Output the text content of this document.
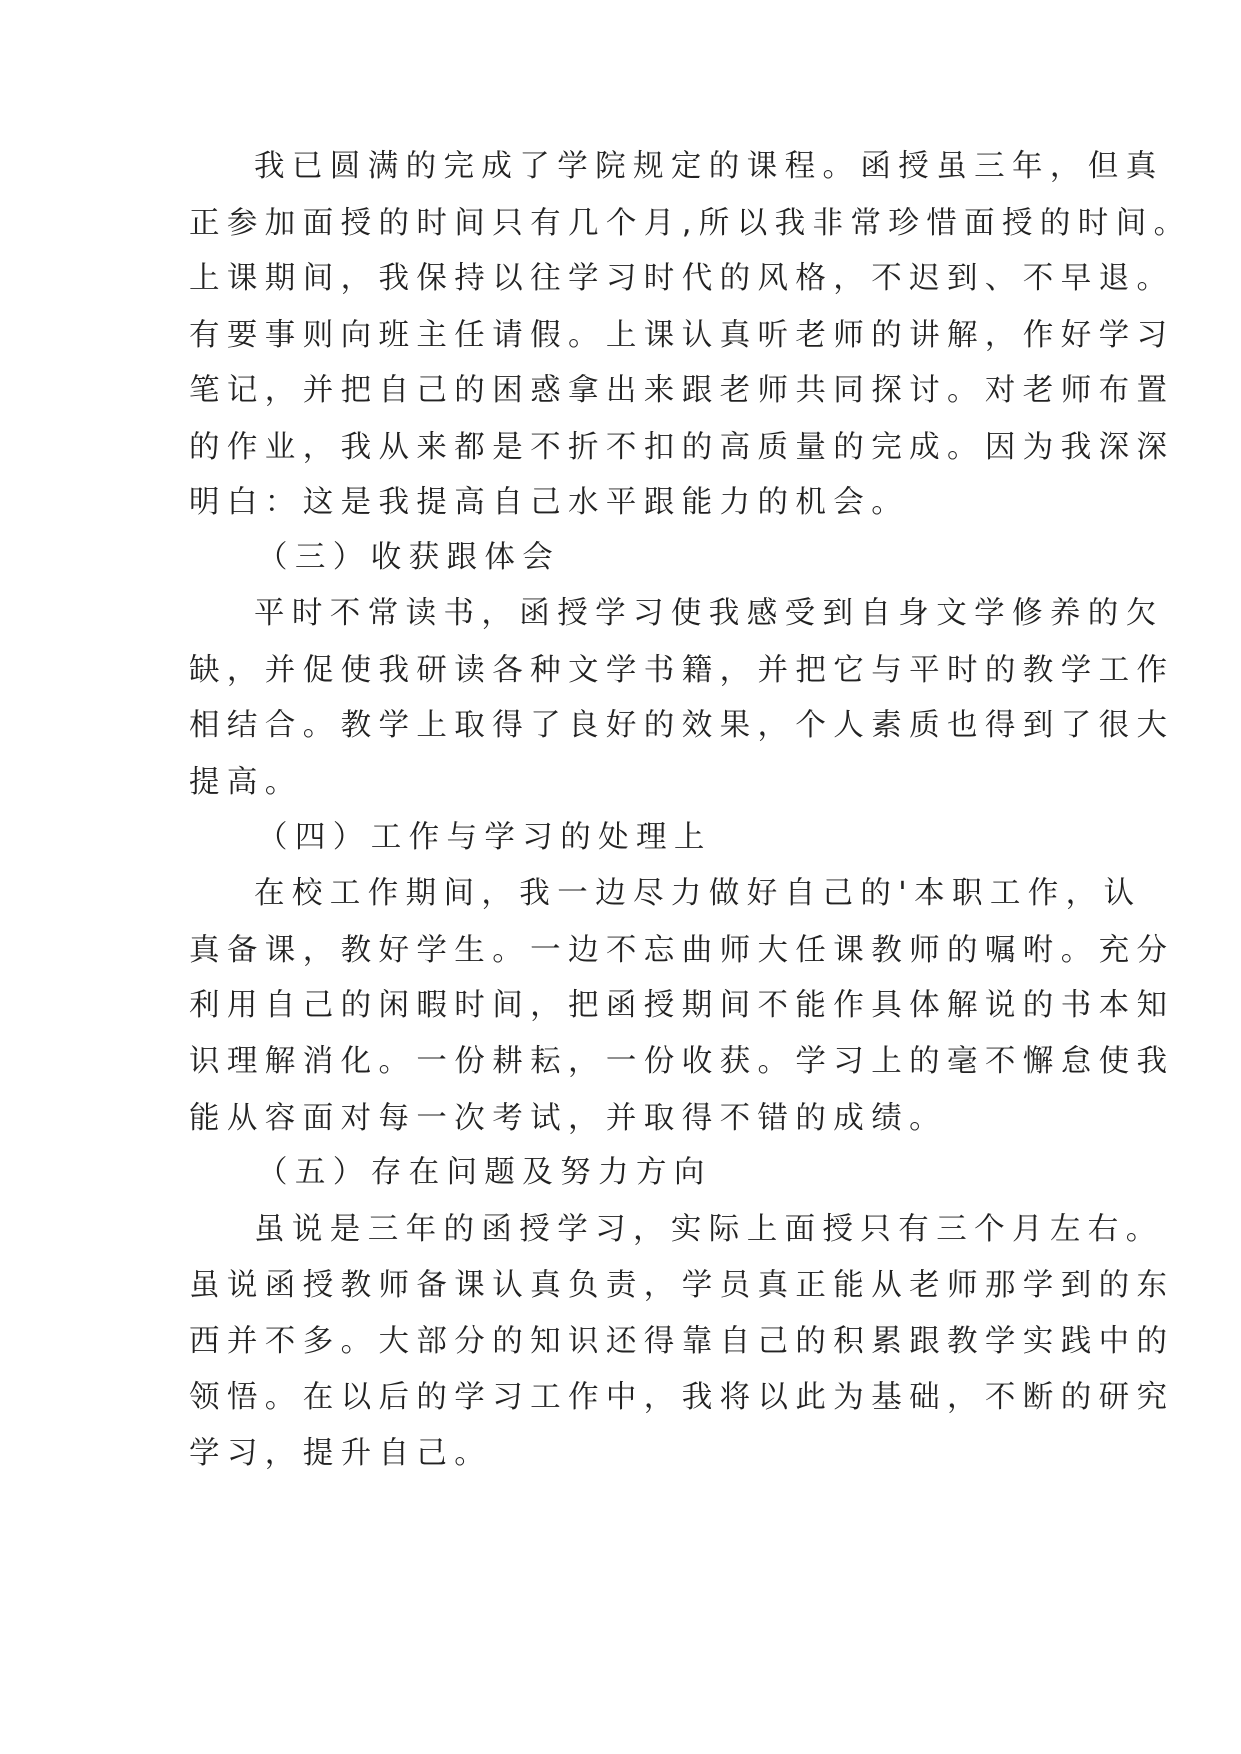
我已圆满的完成了学院规定的课程。函授虽三年，但真
正参加面授的时间只有几个月,所以我非常珍惜面授的时间。
上课期间，我保持以往学习时代的风格，不迟到、不早退。
有要事则向班主任请假。上课认真听老师的讲解，作好学习
笔记，并把自己的困惑拿出来跟老师共同探讨。对老师布置
的作业，我从来都是不折不扣的高质量的完成。因为我深深
明白：这是我提高自己水平跟能力的机会。
（三）收获跟体会
平时不常读书，函授学习使我感受到自身文学修养的欠
缺，并促使我研读各种文学书籍，并把它与平时的教学工作
相结合。教学上取得了良好的效果，个人素质也得到了很大
提高。
（四）工作与学习的处理上
在校工作期间，我一边尽力做好自己的'本职工作，认
真备课，教好学生。一边不忘曲师大任课教师的嘱咐。充分
利用自己的闲暇时间，把函授期间不能作具体解说的书本知
识理解消化。一份耕耘，一份收获。学习上的毫不懈怠使我
能从容面对每一次考试，并取得不错的成绩。
（五）存在问题及努力方向
虽说是三年的函授学习，实际上面授只有三个月左右。
虽说函授教师备课认真负责，学员真正能从老师那学到的东
西并不多。大部分的知识还得靠自己的积累跟教学实践中的
领悟。在以后的学习工作中，我将以此为基础，不断的研究
学习，提升自己。
